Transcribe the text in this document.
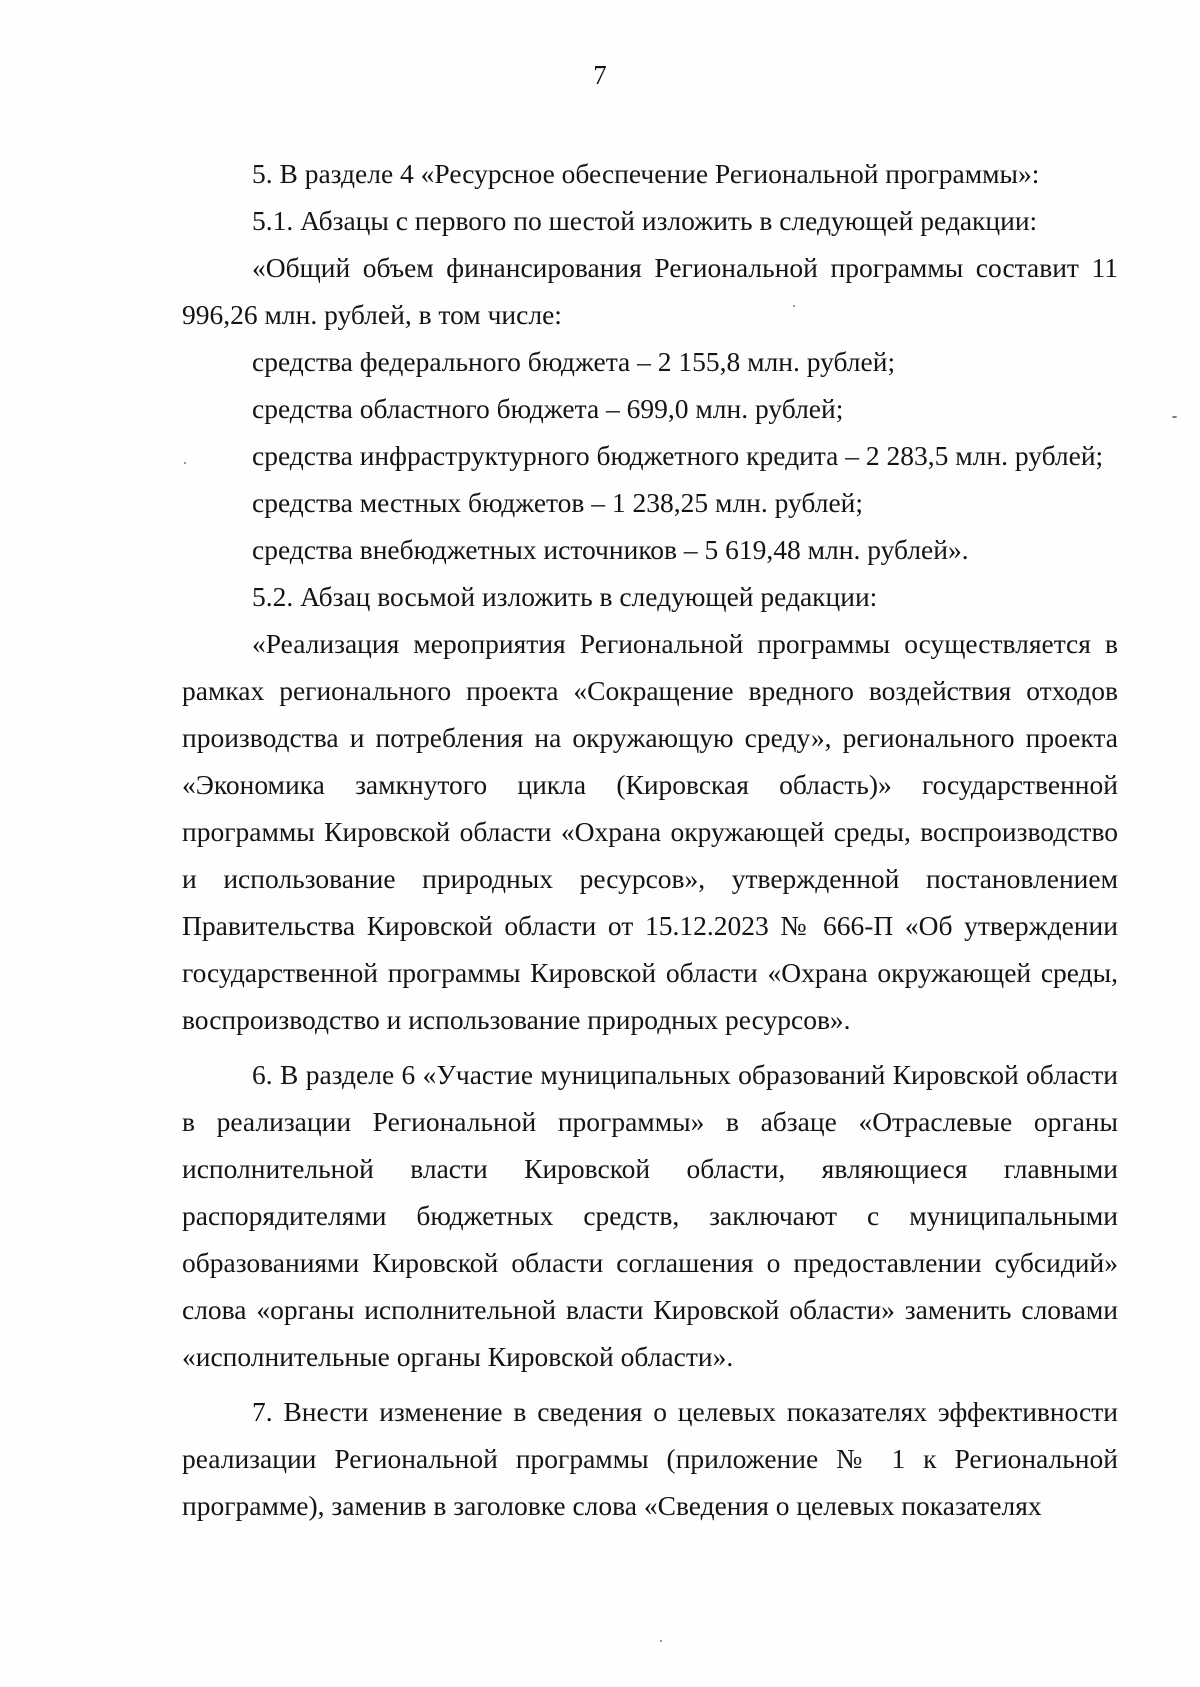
7

5. В разделе 4 «Ресурсное обеспечение Региональной программы»:

5.1. Абзацы с первого по шестой изложить в следующей редакции:

«Общий объем финансирования Региональной программы составит 11 996,26 млн. рублей, в том числе:

средства федерального бюджета – 2 155,8 млн. рублей;

средства областного бюджета – 699,0 млн. рублей;

средства инфраструктурного бюджетного кредита – 2 283,5 млн. рублей;

средства местных бюджетов – 1 238,25 млн. рублей;

средства внебюджетных источников – 5 619,48 млн. рублей».

5.2. Абзац восьмой изложить в следующей редакции:

«Реализация мероприятия Региональной программы осуществляется в рамках регионального проекта «Сокращение вредного воздействия отходов производства и потребления на окружающую среду», регионального проекта «Экономика замкнутого цикла (Кировская область)» государственной программы Кировской области «Охрана окружающей среды, воспроизводство и использование природных ресурсов», утвержденной постановлением Правительства Кировской области от 15.12.2023 № 666-П «Об утверждении государственной программы Кировской области «Охрана окружающей среды, воспроизводство и использование природных ресурсов».

6. В разделе 6 «Участие муниципальных образований Кировской области в реализации Региональной программы» в абзаце «Отраслевые органы исполнительной власти Кировской области, являющиеся главными распорядителями бюджетных средств, заключают с муниципальными образованиями Кировской области соглашения о предоставлении субсидий» слова «органы исполнительной власти Кировской области» заменить словами «исполнительные органы Кировской области».

7. Внести изменение в сведения о целевых показателях эффективности реализации Региональной программы (приложение № 1 к Региональной программе), заменив в заголовке слова «Сведения о целевых показателях
